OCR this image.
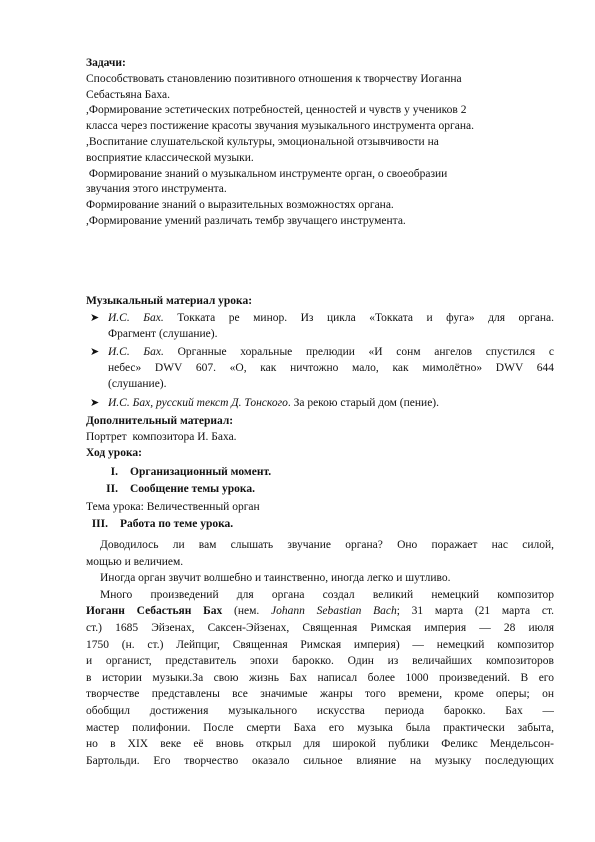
Задачи:
Способствовать становлению позитивного отношения к творчеству Иоганна
Себастьяна Баха.
,Формирование эстетических потребностей, ценностей и чувств у учеников 2
класса через постижение красоты звучания музыкального инструмента органа.
,Воспитание слушательской культуры, эмоциональной отзывчивости на
восприятие классической музыки.
Формирование знаний о музыкальном инструменте орган, о своеобразии
звучания этого инструмента.
Формирование знаний о выразительных возможностях органа.
,Формирование умений различать тембр звучащего инструмента.
Музыкальный материал урока:
➤ И.С. Бах. Токката ре минор. Из цикла «Токката и фуга» для органа.
Фрагмент (слушание).
➤ И.С. Бах. Органные хоральные прелюдии «И сонм ангелов спустился с
небес» DWV 607. «О, как ничтожно мало, как мимолётно» DWV 644
(слушание).
➤ И.С. Бах, русский текст Д. Тонского. За рекою старый дом (пение).
Дополнительный материал:
Портрет  композитора И. Баха.
Ход урока:
I. Организационный момент.
II. Сообщение темы урока.
Тема урока: Величественный орган
III. Работа по теме урока.
Доводилось ли вам слышать звучание органа? Оно поражает нас силой,
мощью и величием.
Иногда орган звучит волшебно и таинственно, иногда легко и шутливо.
Много произведений для органа создал великий немецкий композитор
Иоганн Себастьян Бах (нем. Johann Sebastian Bach; 31 марта (21 марта ст.
ст.) 1685 Эйзенах, Саксен-Эйзенах, Священная Римская империя — 28 июля
1750 (н. ст.) Лейпциг, Священная Римская империя) — немецкий композитор
и органист, представитель эпохи барокко. Один из величайших композиторов
в истории музыки.За свою жизнь Бах написал более 1000 произведений. В его
творчестве представлены все значимые жанры того времени, кроме оперы; он
обобщил достижения музыкального искусства периода барокко. Бах —
мастер полифонии. После смерти Баха его музыка была практически забыта,
но в XIX веке её вновь открыл для широкой публики Феликс Мендельсон-
Бартольди. Его творчество оказало сильное влияние на музыку последующих
